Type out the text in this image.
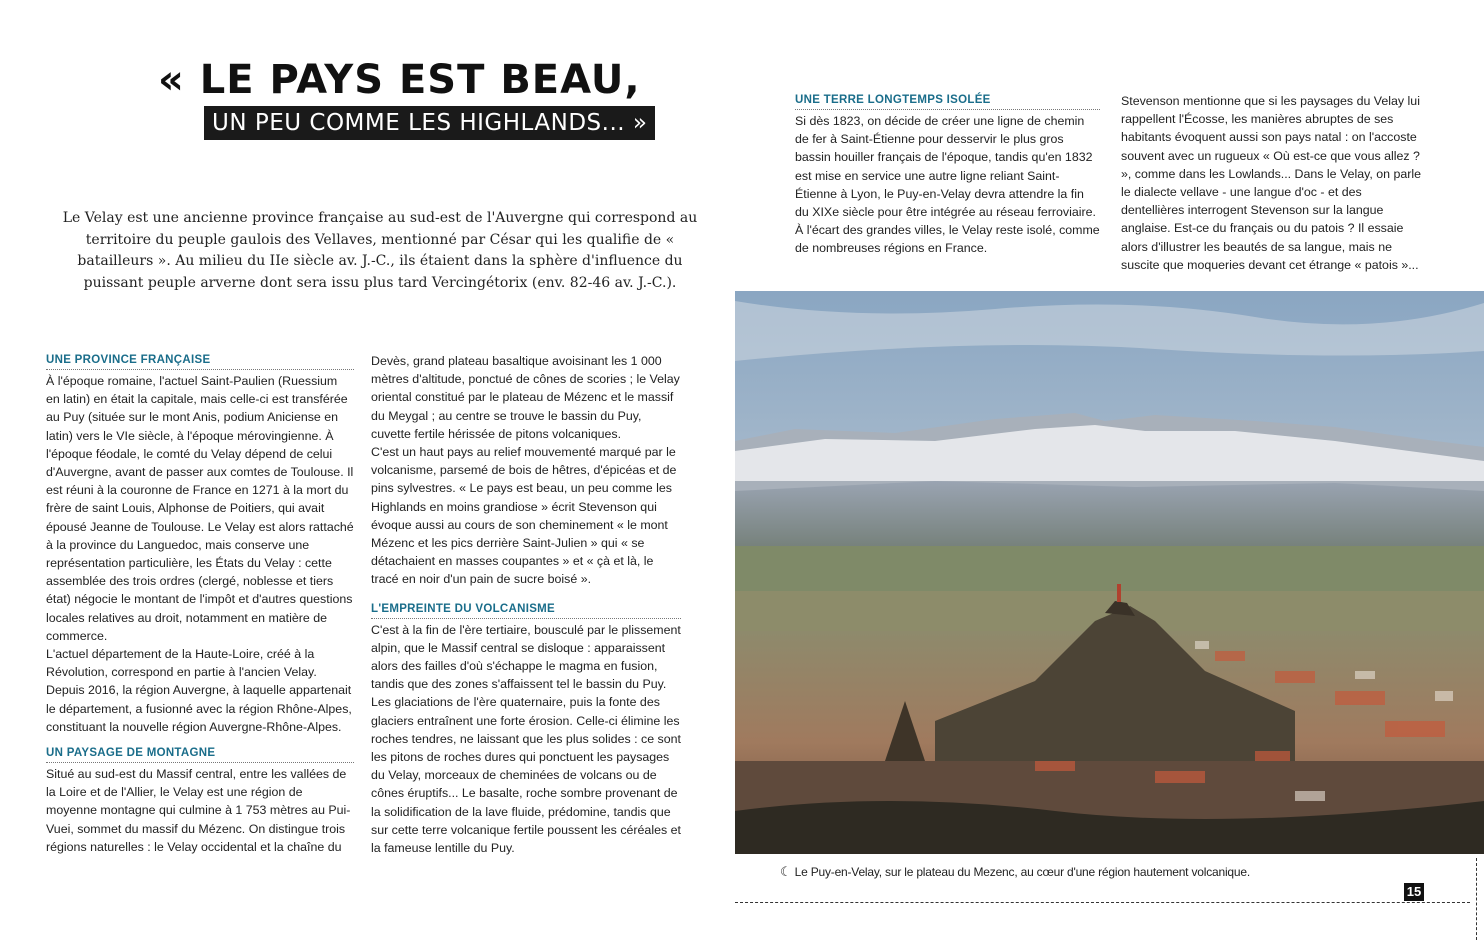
« LE PAYS EST BEAU,
UN PEU COMME LES HIGHLANDS... »
Le Velay est une ancienne province française au sud-est de l'Auvergne qui correspond au territoire du peuple gaulois des Vellaves, mentionné par César qui les qualifie de « batailleurs ». Au milieu du IIe siècle av. J.-C., ils étaient dans la sphère d'influence du puissant peuple arverne dont sera issu plus tard Vercingétorix (env. 82-46 av. J.-C.).
UNE PROVINCE FRANÇAISE
À l'époque romaine, l'actuel Saint-Paulien (Ruessium en latin) en était la capitale, mais celle-ci est transférée au Puy (située sur le mont Anis, podium Aniciense en latin) vers le VIe siècle, à l'époque mérovingienne. À l'époque féodale, le comté du Velay dépend de celui d'Auvergne, avant de passer aux comtes de Toulouse. Il est réuni à la couronne de France en 1271 à la mort du frère de saint Louis, Alphonse de Poitiers, qui avait épousé Jeanne de Toulouse. Le Velay est alors rattaché à la province du Languedoc, mais conserve une représentation particulière, les États du Velay : cette assemblée des trois ordres (clergé, noblesse et tiers état) négocie le montant de l'impôt et d'autres questions locales relatives au droit, notamment en matière de commerce.
L'actuel département de la Haute-Loire, créé à la Révolution, correspond en partie à l'ancien Velay. Depuis 2016, la région Auvergne, à laquelle appartenait le département, a fusionné avec la région Rhône-Alpes, constituant la nouvelle région Auvergne-Rhône-Alpes.
UN PAYSAGE DE MONTAGNE
Situé au sud-est du Massif central, entre les vallées de la Loire et de l'Allier, le Velay est une région de moyenne montagne qui culmine à 1 753 mètres au Pui-Vuei, sommet du massif du Mézenc. On distingue trois régions naturelles : le Velay occidental et la chaîne du
Devès, grand plateau basaltique avoisinant les 1 000 mètres d'altitude, ponctué de cônes de scories ; le Velay oriental constitué par le plateau de Mézenc et le massif du Meygal ; au centre se trouve le bassin du Puy, cuvette fertile hérissée de pitons volcaniques.
C'est un haut pays au relief mouvementé marqué par le volcanisme, parsemé de bois de hêtres, d'épicéas et de pins sylvestres. « Le pays est beau, un peu comme les Highlands en moins grandiose » écrit Stevenson qui évoque aussi au cours de son cheminement « le mont Mézenc et les pics derrière Saint-Julien » qui « se détachaient en masses coupantes » et « çà et là, le tracé en noir d'un pain de sucre boisé ».
L'EMPREINTE DU VOLCANISME
C'est à la fin de l'ère tertiaire, bousculé par le plissement alpin, que le Massif central se disloque : apparaissent alors des failles d'où s'échappe le magma en fusion, tandis que des zones s'affaissent tel le bassin du Puy. Les glaciations de l'ère quaternaire, puis la fonte des glaciers entraînent une forte érosion. Celle-ci élimine les roches tendres, ne laissant que les plus solides : ce sont les pitons de roches dures qui ponctuent les paysages du Velay, morceaux de cheminées de volcans ou de cônes éruptifs... Le basalte, roche sombre provenant de la solidification de la lave fluide, prédomine, tandis que sur cette terre volcanique fertile poussent les céréales et la fameuse lentille du Puy.
UNE TERRE LONGTEMPS ISOLÉE
Si dès 1823, on décide de créer une ligne de chemin de fer à Saint-Étienne pour desservir le plus gros bassin houiller français de l'époque, tandis qu'en 1832 est mise en service une autre ligne reliant Saint-Étienne à Lyon, le Puy-en-Velay devra attendre la fin du XIXe siècle pour être intégrée au réseau ferroviaire. À l'écart des grandes villes, le Velay reste isolé, comme de nombreuses régions en France.
Stevenson mentionne que si les paysages du Velay lui rappellent l'Écosse, les manières abruptes de ses habitants évoquent aussi son pays natal : on l'accoste souvent avec un rugueux « Où est-ce que vous allez ? », comme dans les Lowlands... Dans le Velay, on parle le dialecte vellave - une langue d'oc - et des dentellières interrogent Stevenson sur la langue anglaise. Est-ce du français ou du patois ? Il essaie alors d'illustrer les beautés de sa langue, mais ne suscite que moqueries devant cet étrange « patois »...
☾ Le Puy-en-Velay, sur le plateau du Mezenc, au cœur d'une région hautement volcanique.
15
